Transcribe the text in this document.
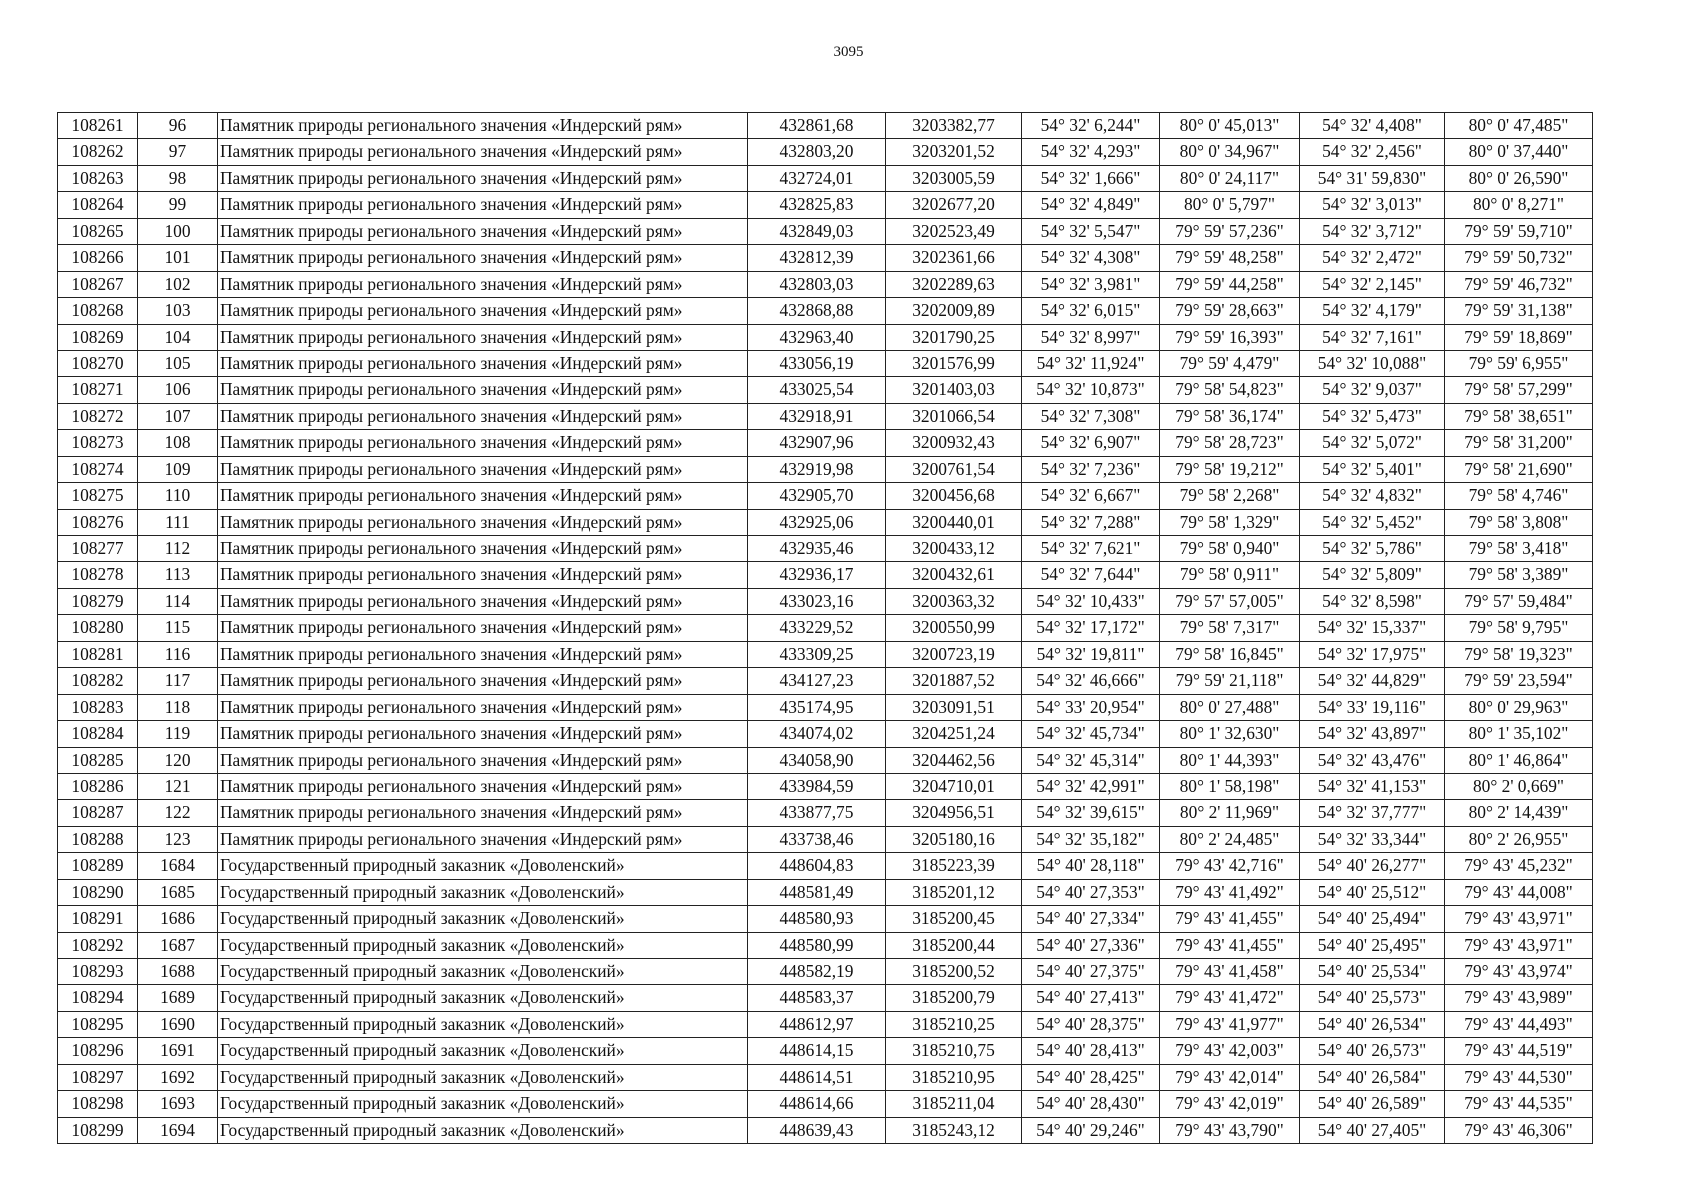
3095
108261	96	Памятник природы регионального значения «Индерский рям»	432861,68	3203382,77	54° 32' 6,244"	80° 0' 45,013"	54° 32' 4,408"	80° 0' 47,485"
108262	97	Памятник природы регионального значения «Индерский рям»	432803,20	3203201,52	54° 32' 4,293"	80° 0' 34,967"	54° 32' 2,456"	80° 0' 37,440"
108263	98	Памятник природы регионального значения «Индерский рям»	432724,01	3203005,59	54° 32' 1,666"	80° 0' 24,117"	54° 31' 59,830"	80° 0' 26,590"
108264	99	Памятник природы регионального значения «Индерский рям»	432825,83	3202677,20	54° 32' 4,849"	80° 0' 5,797"	54° 32' 3,013"	80° 0' 8,271"
108265	100	Памятник природы регионального значения «Индерский рям»	432849,03	3202523,49	54° 32' 5,547"	79° 59' 57,236"	54° 32' 3,712"	79° 59' 59,710"
108266	101	Памятник природы регионального значения «Индерский рям»	432812,39	3202361,66	54° 32' 4,308"	79° 59' 48,258"	54° 32' 2,472"	79° 59' 50,732"
108267	102	Памятник природы регионального значения «Индерский рям»	432803,03	3202289,63	54° 32' 3,981"	79° 59' 44,258"	54° 32' 2,145"	79° 59' 46,732"
108268	103	Памятник природы регионального значения «Индерский рям»	432868,88	3202009,89	54° 32' 6,015"	79° 59' 28,663"	54° 32' 4,179"	79° 59' 31,138"
108269	104	Памятник природы регионального значения «Индерский рям»	432963,40	3201790,25	54° 32' 8,997"	79° 59' 16,393"	54° 32' 7,161"	79° 59' 18,869"
108270	105	Памятник природы регионального значения «Индерский рям»	433056,19	3201576,99	54° 32' 11,924"	79° 59' 4,479"	54° 32' 10,088"	79° 59' 6,955"
108271	106	Памятник природы регионального значения «Индерский рям»	433025,54	3201403,03	54° 32' 10,873"	79° 58' 54,823"	54° 32' 9,037"	79° 58' 57,299"
108272	107	Памятник природы регионального значения «Индерский рям»	432918,91	3201066,54	54° 32' 7,308"	79° 58' 36,174"	54° 32' 5,473"	79° 58' 38,651"
108273	108	Памятник природы регионального значения «Индерский рям»	432907,96	3200932,43	54° 32' 6,907"	79° 58' 28,723"	54° 32' 5,072"	79° 58' 31,200"
108274	109	Памятник природы регионального значения «Индерский рям»	432919,98	3200761,54	54° 32' 7,236"	79° 58' 19,212"	54° 32' 5,401"	79° 58' 21,690"
108275	110	Памятник природы регионального значения «Индерский рям»	432905,70	3200456,68	54° 32' 6,667"	79° 58' 2,268"	54° 32' 4,832"	79° 58' 4,746"
108276	111	Памятник природы регионального значения «Индерский рям»	432925,06	3200440,01	54° 32' 7,288"	79° 58' 1,329"	54° 32' 5,452"	79° 58' 3,808"
108277	112	Памятник природы регионального значения «Индерский рям»	432935,46	3200433,12	54° 32' 7,621"	79° 58' 0,940"	54° 32' 5,786"	79° 58' 3,418"
108278	113	Памятник природы регионального значения «Индерский рям»	432936,17	3200432,61	54° 32' 7,644"	79° 58' 0,911"	54° 32' 5,809"	79° 58' 3,389"
108279	114	Памятник природы регионального значения «Индерский рям»	433023,16	3200363,32	54° 32' 10,433"	79° 57' 57,005"	54° 32' 8,598"	79° 57' 59,484"
108280	115	Памятник природы регионального значения «Индерский рям»	433229,52	3200550,99	54° 32' 17,172"	79° 58' 7,317"	54° 32' 15,337"	79° 58' 9,795"
108281	116	Памятник природы регионального значения «Индерский рям»	433309,25	3200723,19	54° 32' 19,811"	79° 58' 16,845"	54° 32' 17,975"	79° 58' 19,323"
108282	117	Памятник природы регионального значения «Индерский рям»	434127,23	3201887,52	54° 32' 46,666"	79° 59' 21,118"	54° 32' 44,829"	79° 59' 23,594"
108283	118	Памятник природы регионального значения «Индерский рям»	435174,95	3203091,51	54° 33' 20,954"	80° 0' 27,488"	54° 33' 19,116"	80° 0' 29,963"
108284	119	Памятник природы регионального значения «Индерский рям»	434074,02	3204251,24	54° 32' 45,734"	80° 1' 32,630"	54° 32' 43,897"	80° 1' 35,102"
108285	120	Памятник природы регионального значения «Индерский рям»	434058,90	3204462,56	54° 32' 45,314"	80° 1' 44,393"	54° 32' 43,476"	80° 1' 46,864"
108286	121	Памятник природы регионального значения «Индерский рям»	433984,59	3204710,01	54° 32' 42,991"	80° 1' 58,198"	54° 32' 41,153"	80° 2' 0,669"
108287	122	Памятник природы регионального значения «Индерский рям»	433877,75	3204956,51	54° 32' 39,615"	80° 2' 11,969"	54° 32' 37,777"	80° 2' 14,439"
108288	123	Памятник природы регионального значения «Индерский рям»	433738,46	3205180,16	54° 32' 35,182"	80° 2' 24,485"	54° 32' 33,344"	80° 2' 26,955"
108289	1684	Государственный природный заказник «Доволенский»	448604,83	3185223,39	54° 40' 28,118"	79° 43' 42,716"	54° 40' 26,277"	79° 43' 45,232"
108290	1685	Государственный природный заказник «Доволенский»	448581,49	3185201,12	54° 40' 27,353"	79° 43' 41,492"	54° 40' 25,512"	79° 43' 44,008"
108291	1686	Государственный природный заказник «Доволенский»	448580,93	3185200,45	54° 40' 27,334"	79° 43' 41,455"	54° 40' 25,494"	79° 43' 43,971"
108292	1687	Государственный природный заказник «Доволенский»	448580,99	3185200,44	54° 40' 27,336"	79° 43' 41,455"	54° 40' 25,495"	79° 43' 43,971"
108293	1688	Государственный природный заказник «Доволенский»	448582,19	3185200,52	54° 40' 27,375"	79° 43' 41,458"	54° 40' 25,534"	79° 43' 43,974"
108294	1689	Государственный природный заказник «Доволенский»	448583,37	3185200,79	54° 40' 27,413"	79° 43' 41,472"	54° 40' 25,573"	79° 43' 43,989"
108295	1690	Государственный природный заказник «Доволенский»	448612,97	3185210,25	54° 40' 28,375"	79° 43' 41,977"	54° 40' 26,534"	79° 43' 44,493"
108296	1691	Государственный природный заказник «Доволенский»	448614,15	3185210,75	54° 40' 28,413"	79° 43' 42,003"	54° 40' 26,573"	79° 43' 44,519"
108297	1692	Государственный природный заказник «Доволенский»	448614,51	3185210,95	54° 40' 28,425"	79° 43' 42,014"	54° 40' 26,584"	79° 43' 44,530"
108298	1693	Государственный природный заказник «Доволенский»	448614,66	3185211,04	54° 40' 28,430"	79° 43' 42,019"	54° 40' 26,589"	79° 43' 44,535"
108299	1694	Государственный природный заказник «Доволенский»	448639,43	3185243,12	54° 40' 29,246"	79° 43' 43,790"	54° 40' 27,405"	79° 43' 46,306"
